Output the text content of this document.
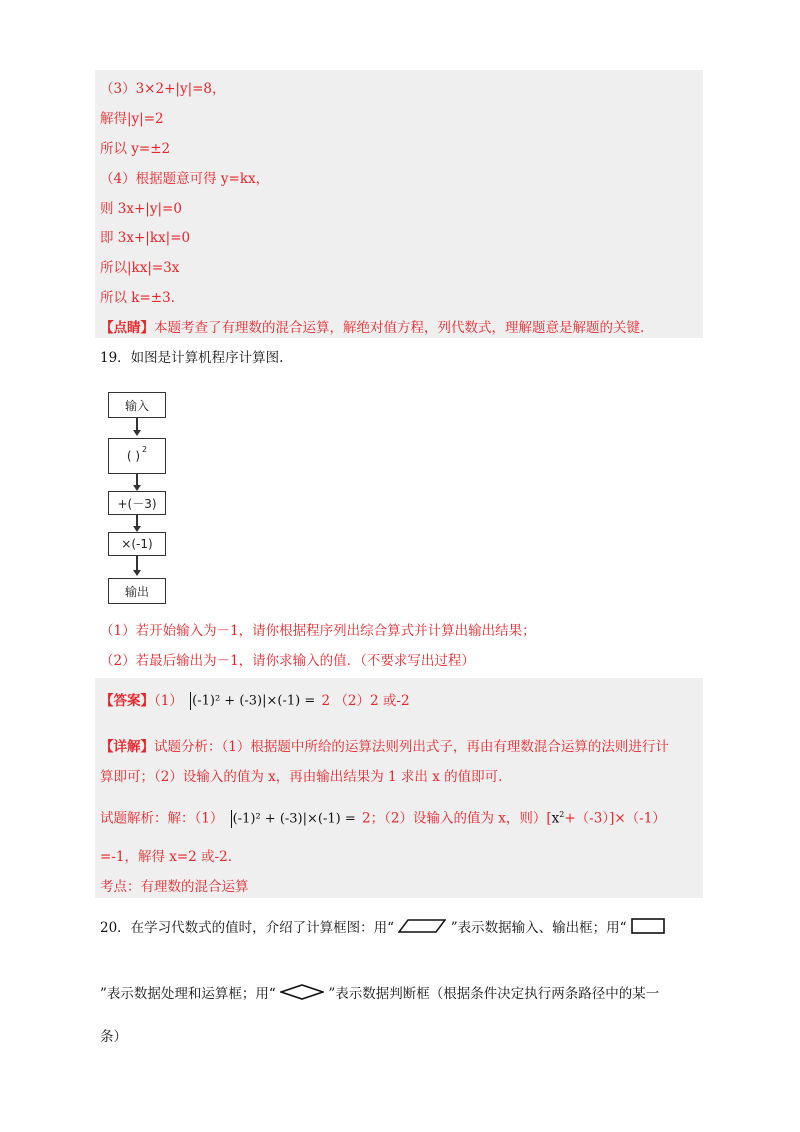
（3）3×2+|y|=8，
解得|y|=2
所以 y=±2
（4）根据题意可得 y=kx，
则 3x+|y|=0
即 3x+|kx|=0
所以|kx|=3x
所以 k=±3.
【点睛】本题考查了有理数的混合运算，解绝对值方程，列代数式，理解题意是解题的关键.
19．如图是计算机程序计算图.
输入
( ) 2
+(－3)
×(-1)
输出
（1）若开始输入为－1，请你根据程序列出综合算式并计算出输出结果；
（2）若最后输出为－1，请你求输入的值．（不要求写出过程）
【答案】（1） (-1)² + (-3)|×(-1) = 2 （2）2 或-2
【详解】试题分析：（1）根据题中所给的运算法则列出式子，再由有理数混合运算的法则进行计
算即可；（2）设输入的值为 x，再由输出结果为 1 求出 x 的值即可.
试题解析：解：（1） (-1)² + (-3)|×(-1) = 2；（2）设输入的值为 x，则）$[x^2+(-3)]\times(-1)$
=-1，解得 x=2 或-2.
考点：有理数的混合运算
20．在学习代数式的值时，介绍了计算框图：用“	”表示数据输入、输出框；用“
”表示数据处理和运算框；用“	”表示数据判断框（根据条件决定执行两条路径中的某一
条）
